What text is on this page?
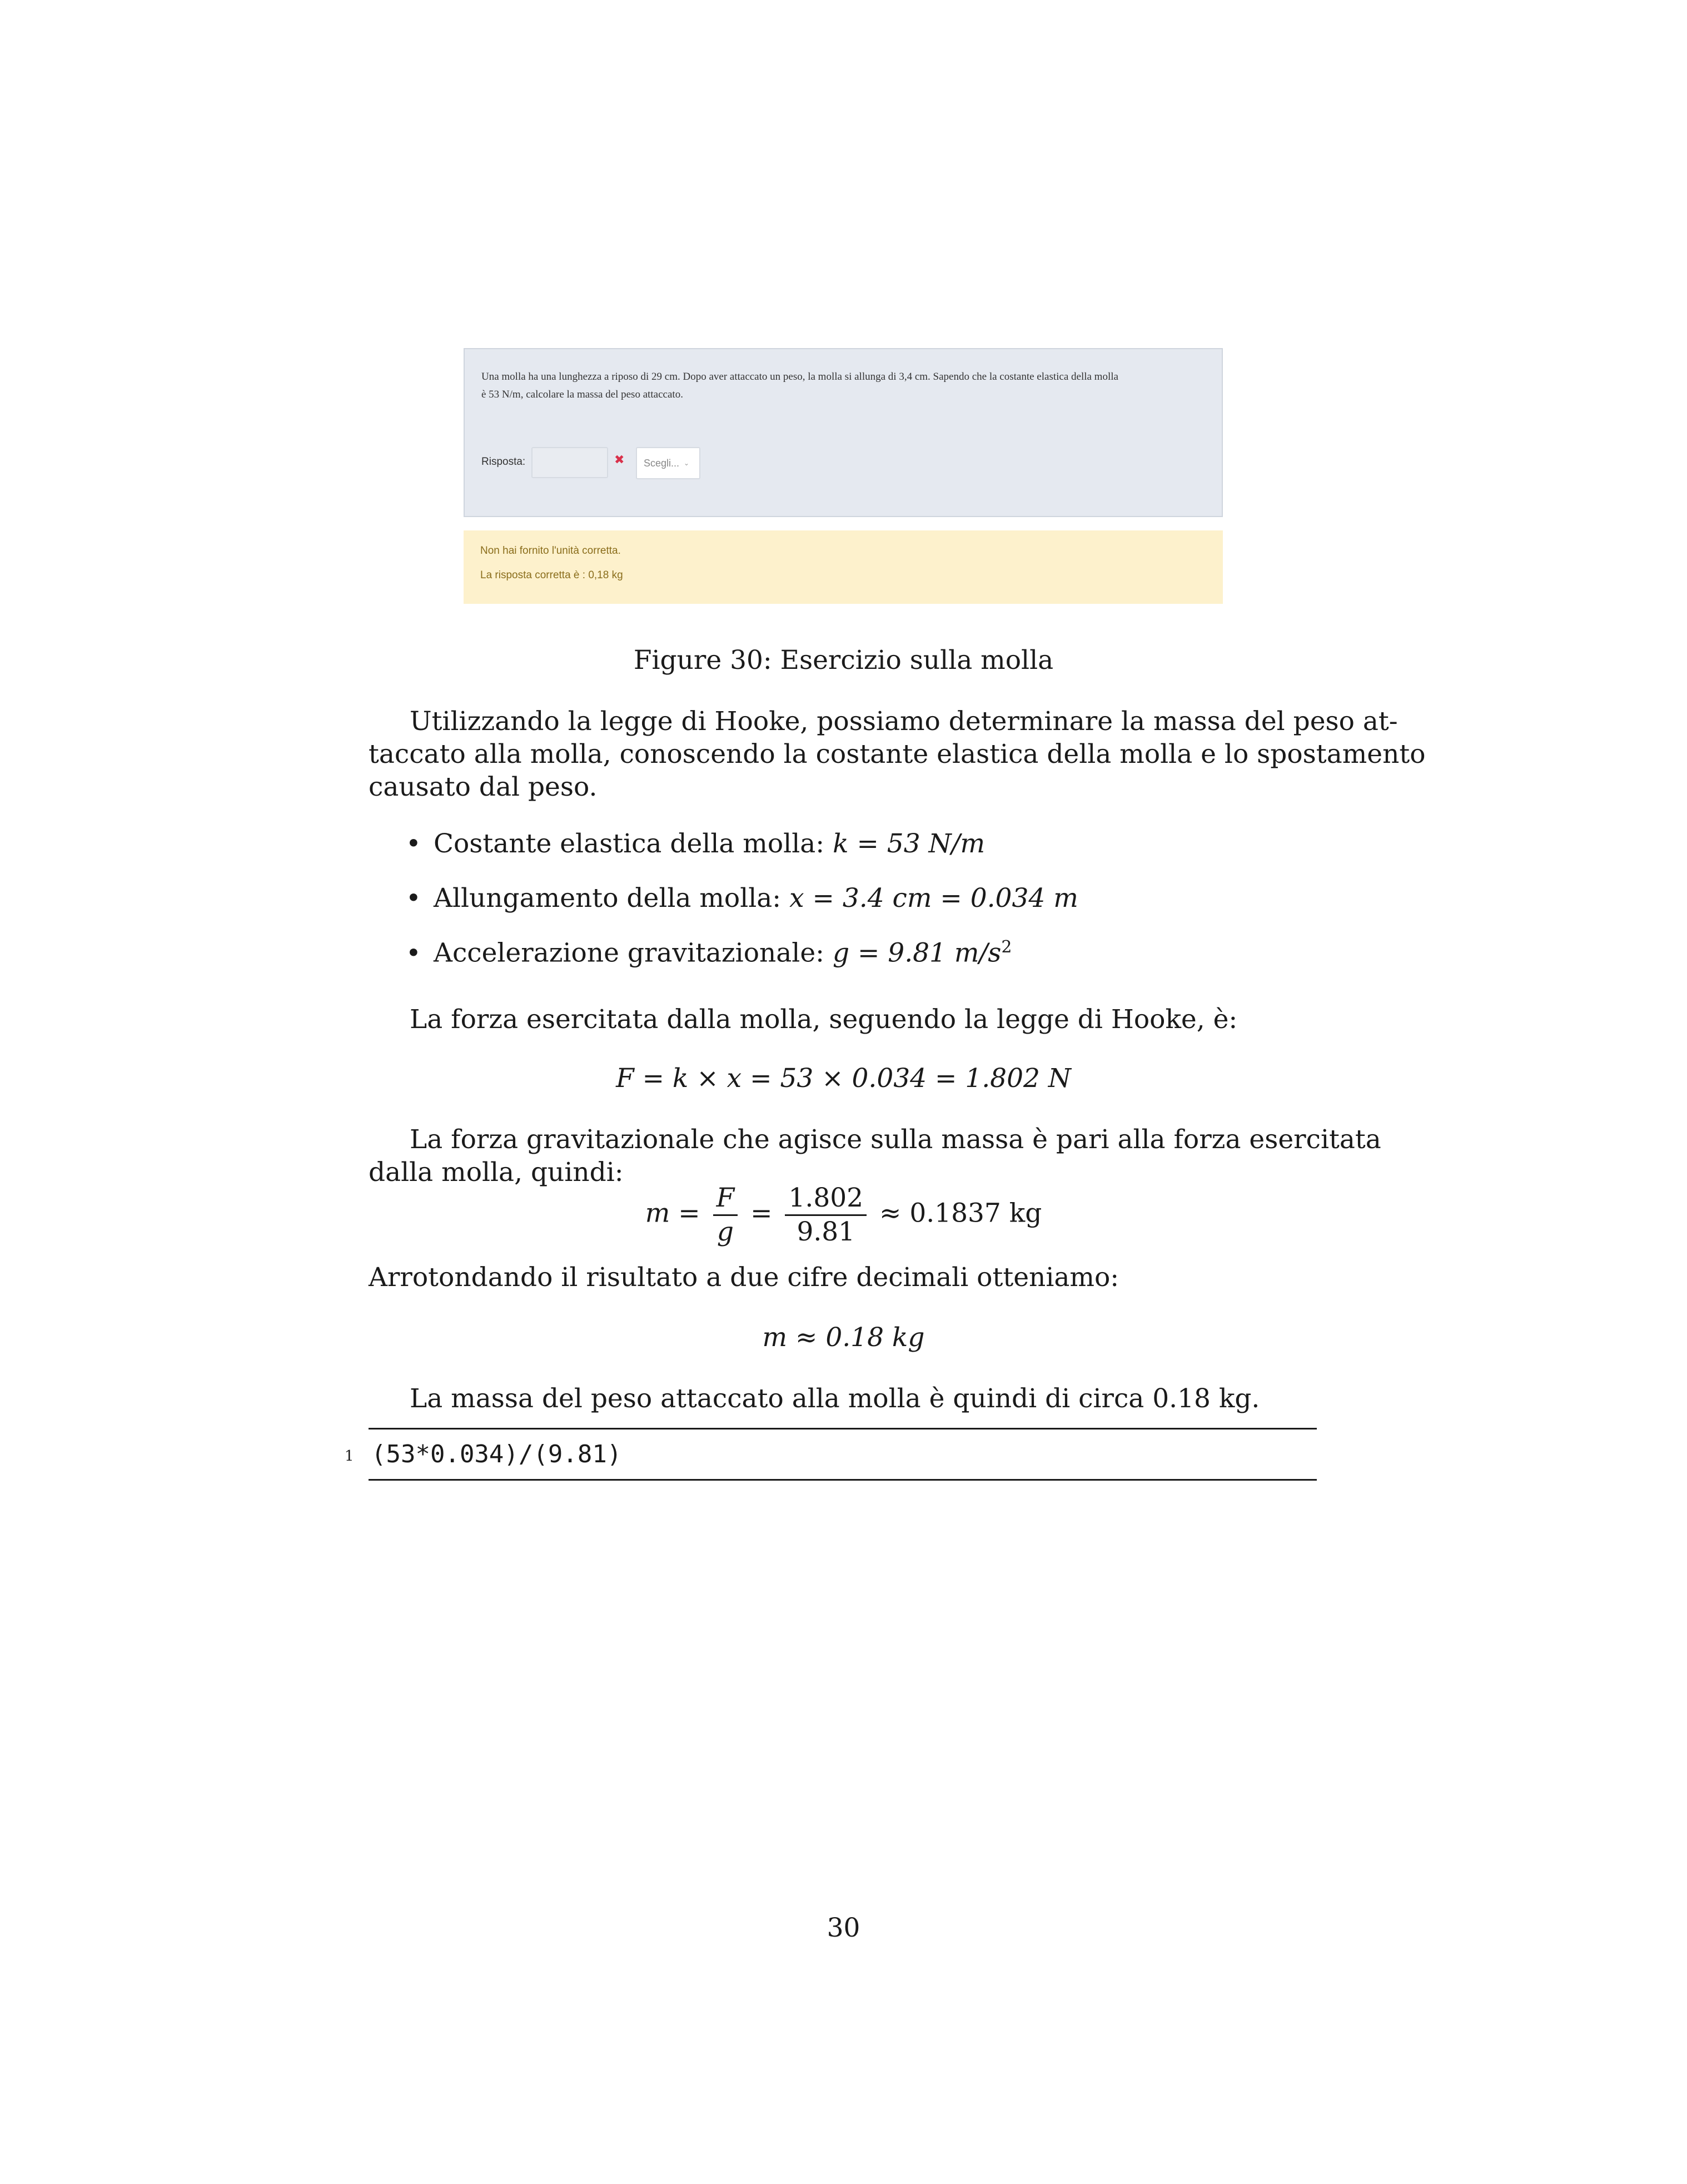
Una molla ha una lunghezza a riposo di 29 cm. Dopo aver attaccato un peso, la molla si allunga di 3,4 cm. Sapendo che la costante elastica della molla
è 53 N/m, calcolare la massa del peso attaccato.
Risposta:	✖ Scegli... ⌄
Non hai fornito l'unità corretta.
La risposta corretta è : 0,18 kg
Figure 30: Esercizio sulla molla
Utilizzando la legge di Hooke, possiamo determinare la massa del peso at-
taccato alla molla, conoscendo la costante elastica della molla e lo spostamento
causato dal peso.
• Costante elastica della molla: k = 53 N/m
• Allungamento della molla: x = 3.4 cm = 0.034 m
• Accelerazione gravitazionale: g = 9.81 $m/s^2$
La forza esercitata dalla molla, seguendo la legge di Hooke, è:
F = k × x = 53 × 0.034 = 1.802 N
La forza gravitazionale che agisce sulla massa è pari alla forza esercitata
dalla molla, quindi:
$m = \frac{F}{g} = \frac{1.802}{9.81} \approx 0.1837$ kg
Arrotondando il risultato a due cifre decimali otteniamo:
m ≈ 0.18 kg
La massa del peso attaccato alla molla è quindi di circa 0.18 kg.
1 (53*0.034)/(9.81)
30
